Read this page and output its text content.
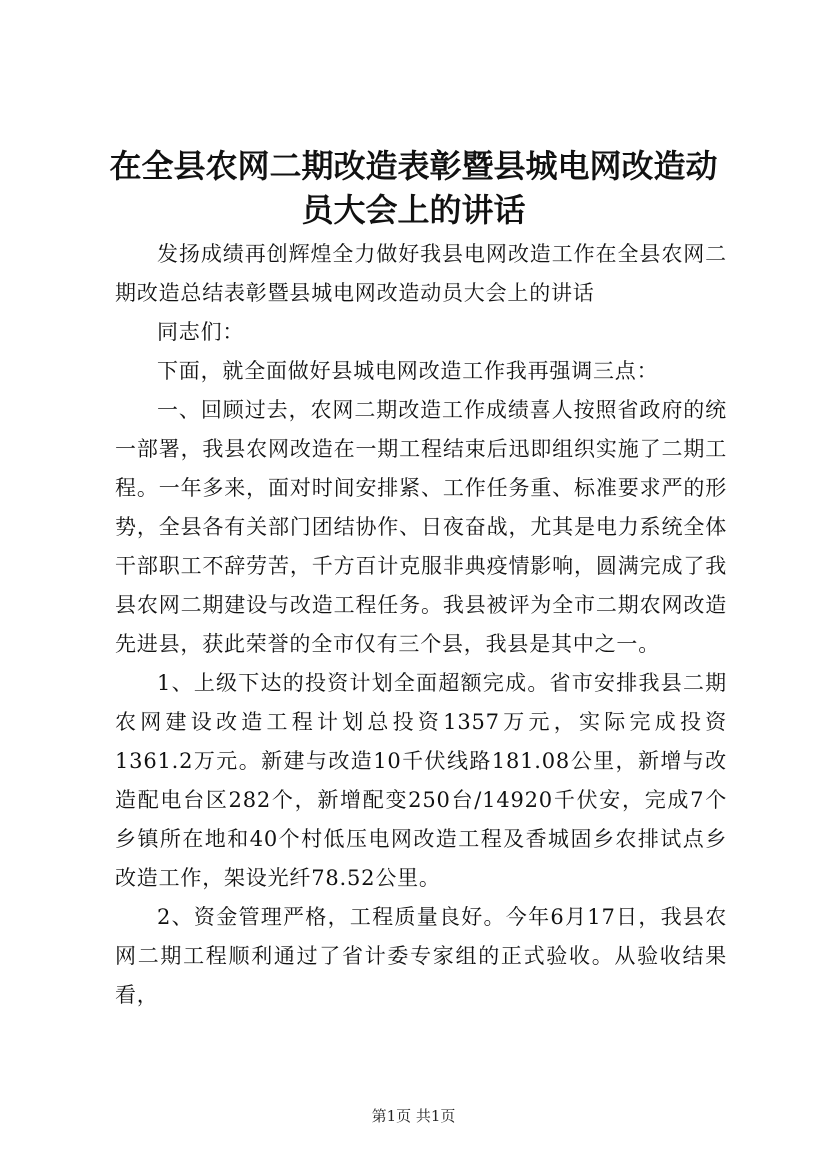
在全县农网二期改造表彰暨县城电网改造动员大会上的讲话

发扬成绩再创辉煌全力做好我县电网改造工作在全县农网二期改造总结表彰暨县城电网改造动员大会上的讲话

同志们：

下面，就全面做好县城电网改造工作我再强调三点：

一、回顾过去，农网二期改造工作成绩喜人按照省政府的统一部署，我县农网改造在一期工程结束后迅即组织实施了二期工程。一年多来，面对时间安排紧、工作任务重、标准要求严的形势，全县各有关部门团结协作、日夜奋战，尤其是电力系统全体干部职工不辞劳苦，千方百计克服非典疫情影响，圆满完成了我县农网二期建设与改造工程任务。我县被评为全市二期农网改造先进县，获此荣誉的全市仅有三个县，我县是其中之一。

1、上级下达的投资计划全面超额完成。省市安排我县二期农网建设改造工程计划总投资1357万元，实际完成投资1361.2万元。新建与改造10千伏线路181.08公里，新增与改造配电台区282个，新增配变250台/14920千伏安，完成7个乡镇所在地和40个村低压电网改造工程及香城固乡农排试点乡改造工作，架设光纤78.52公里。

2、资金管理严格，工程质量良好。今年6月17日，我县农网二期工程顺利通过了省计委专家组的正式验收。从验收结果看，

第1页 共1页
